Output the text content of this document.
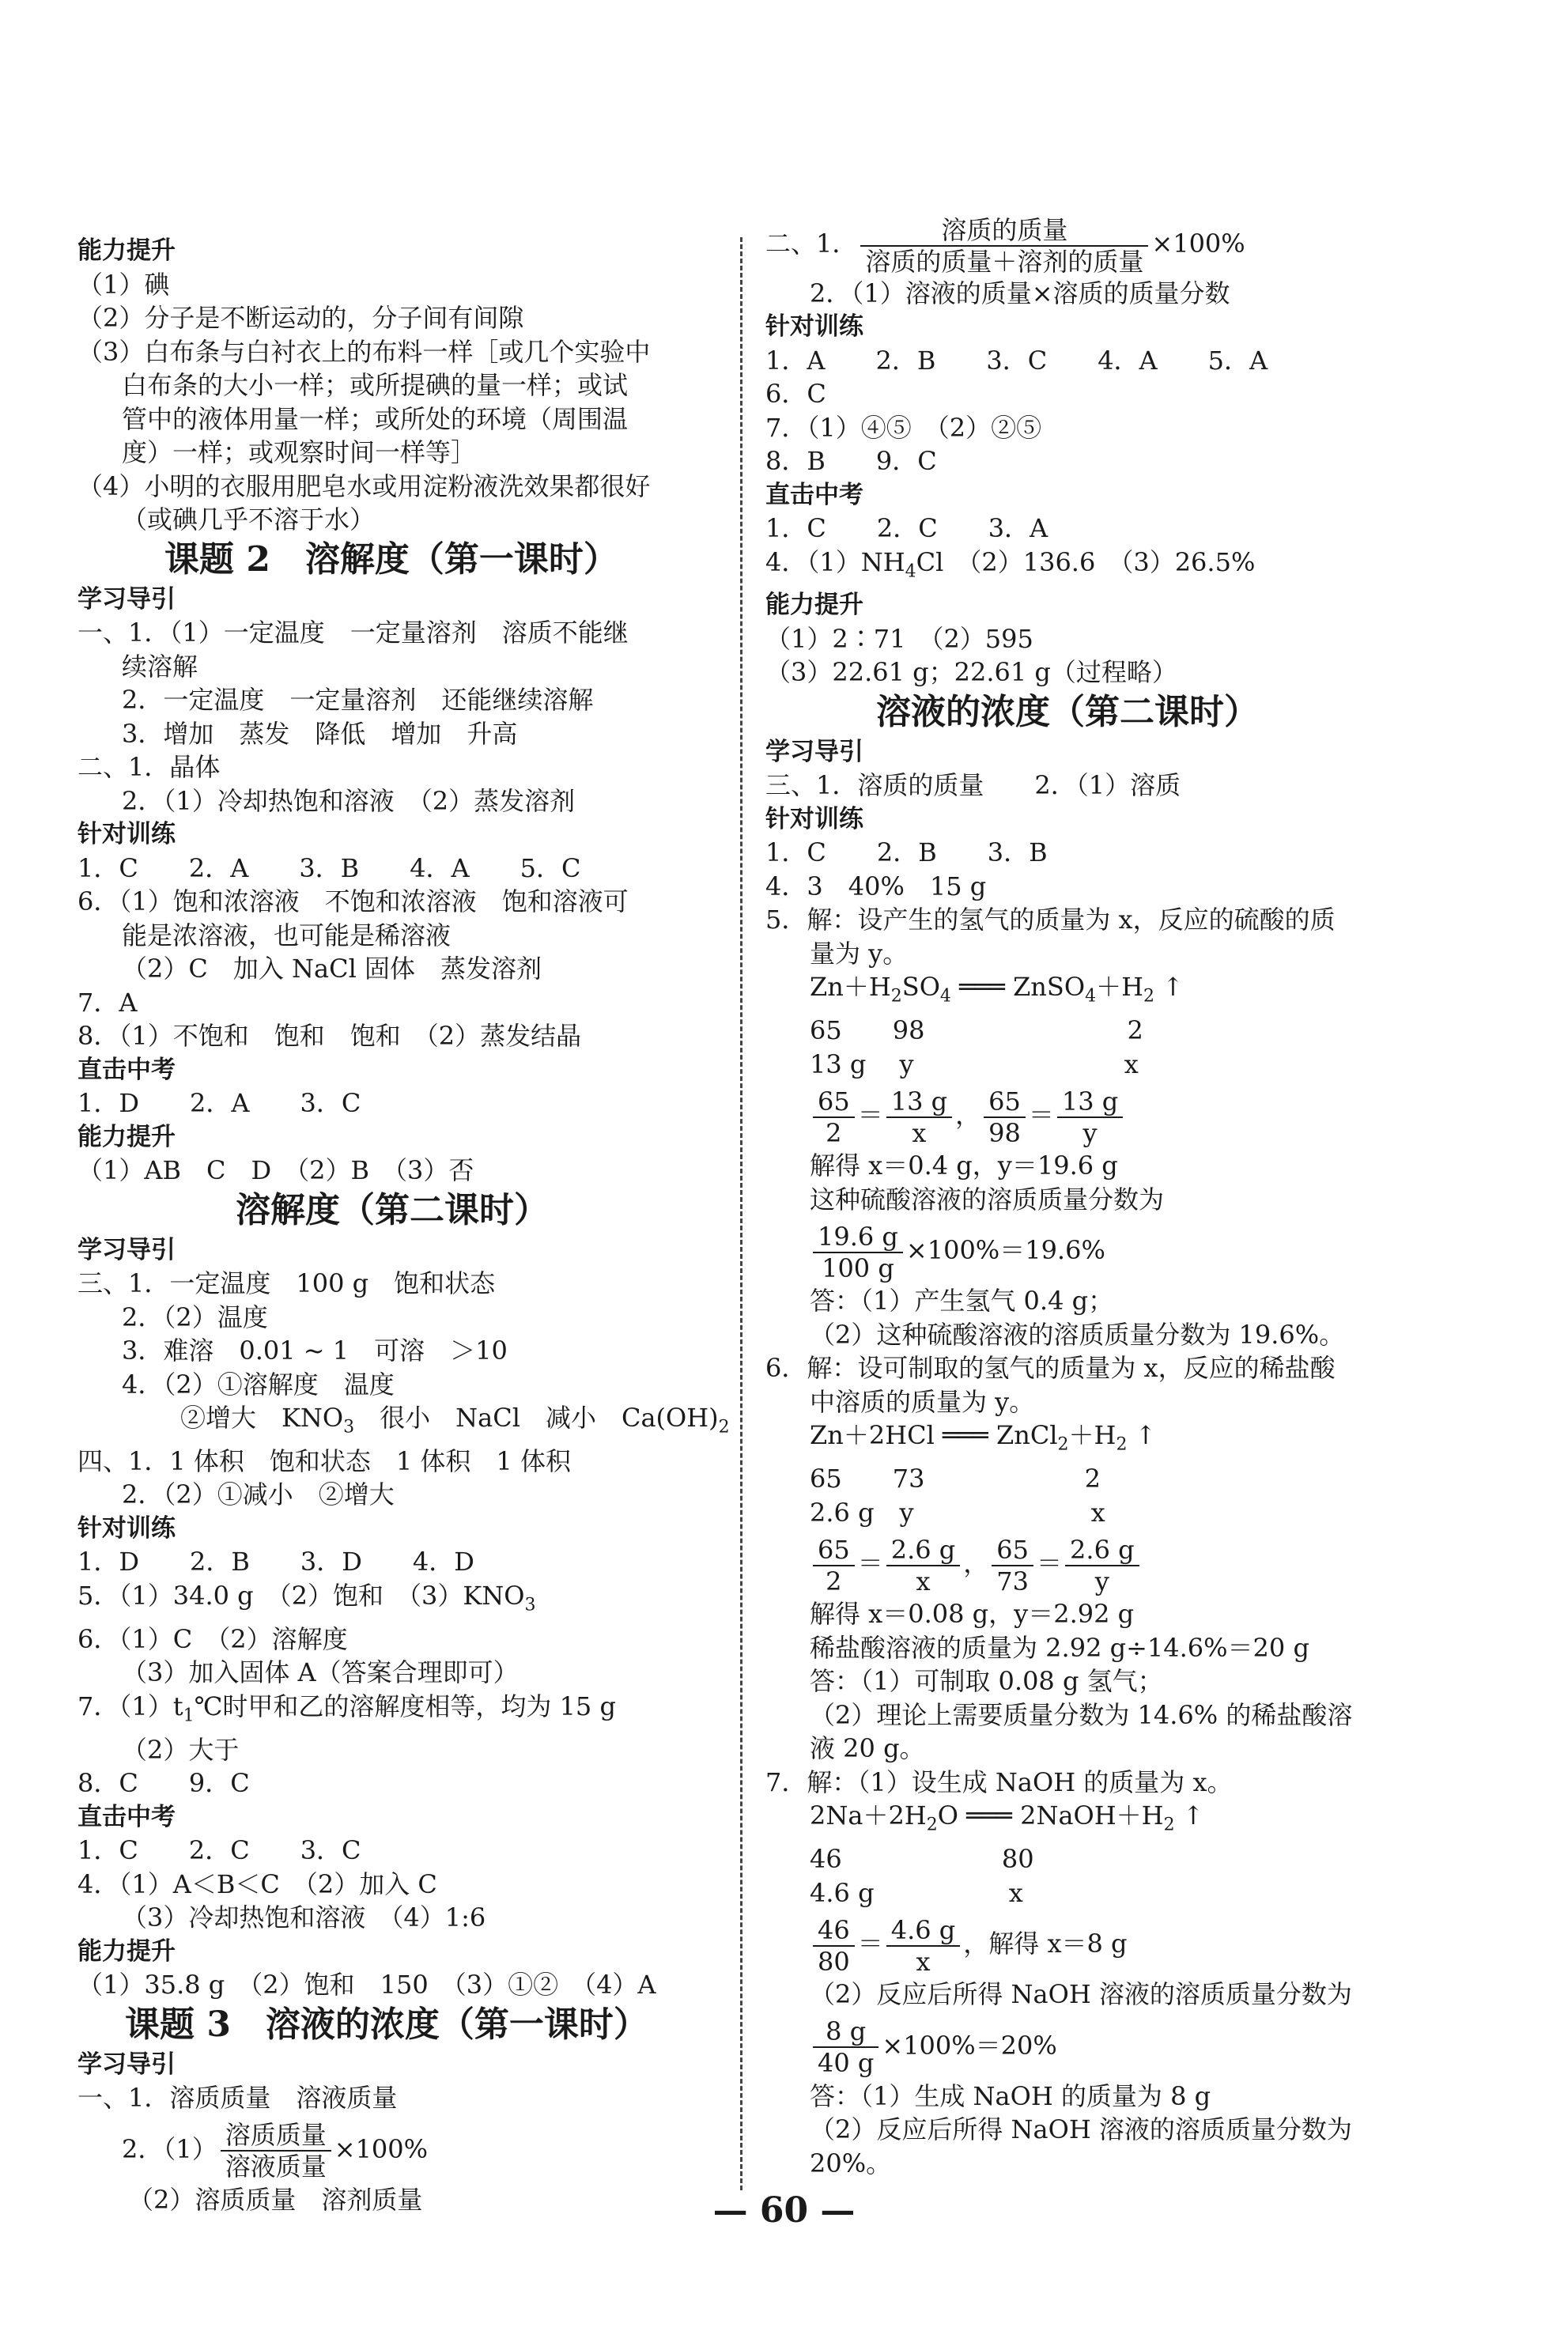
能力提升
（1）碘
（2）分子是不断运动的，分子间有间隙
（3）白布条与白衬衣上的布料一样［或几个实验中
白布条的大小一样；或所提碘的量一样；或试
管中的液体用量一样；或所处的环境（周围温
度）一样；或观察时间一样等］
（4）小明的衣服用肥皂水或用淀粉液洗效果都很好
（或碘几乎不溶于水）
课题 2　溶解度（第一课时）
学习导引
一、1．（1）一定温度　一定量溶剂　溶质不能继
续溶解
2．一定温度　一定量溶剂　还能继续溶解
3．增加　蒸发　降低　增加　升高
二、1．晶体
2．（1）冷却热饱和溶液　（2）蒸发溶剂
针对训练
1．C　　2．A　　3．B　　4．A　　5．C
6．（1）饱和浓溶液　不饱和浓溶液　饱和溶液可
能是浓溶液，也可能是稀溶液
（2）C　加入 NaCl 固体　蒸发溶剂
7．A
8．（1）不饱和　饱和　饱和　（2）蒸发结晶
直击中考
1．D　　2．A　　3．C
能力提升
（1）AB　C　D　（2）B　（3）否
溶解度（第二课时）
学习导引
三、1．一定温度　100 g　饱和状态
2．（2）温度
3．难溶　0.01 ~ 1　可溶　＞10
4．（2）①溶解度　温度
②增大　$KNO_3$　很小　NaCl　减小　$Ca(OH)_2$
四、1．1 体积　饱和状态　1 体积　1 体积
2．（2）①减小　②增大
针对训练
1．D　　2．B　　3．D　　4．D
5．（1）34.0 g　（2）饱和　$(3)KNO_3$
6．（1）C　（2）溶解度
（3）加入固体 A（答案合理即可）
7．$(1)t_1℃$时甲和乙的溶解度相等，均为 15 g
（2）大于
8．C　　9．C
直击中考
1．C　　2．C　　3．C
4．（1）A＜B＜C　（2）加入 C
（3）冷却热饱和溶液　（4）1:6
能力提升
（1）35.8 g　（2）饱和　150　（3）①②　（4）A
课题 3　溶液的浓度（第一课时）
学习导引
一、1．溶质质量　溶液质量
2．$(1) \frac{\text{溶质质量}}{\text{溶液质量}} \times 100\%$
（2）溶质质量　溶剂质量
二、1． $\frac{\text{溶质的质量}}{\text{溶质的质量＋溶剂的质量}} \times 100\%$
2．（1）溶液的质量×溶质的质量分数
针对训练
1．A　　2．B　　3．C　　4．A　　5．A
6．C
7．（1）④⑤　（2）②⑤
8．B　　9．C
直击中考
1．C　　2．C　　3．A
4．$(1)NH_4Cl$　（2）136.6　（3）26.5%
能力提升
（1）2∶71　（2）595
（3）22.61 g；22.61 g（过程略）
溶液的浓度（第二课时）
学习导引
三、1．溶质的质量　　2．（1）溶质
针对训练
1．C　　2．B　　3．B
4．3　40%　15 g
5．解：设产生的氢气的质量为 x，反应的硫酸的质
量为 y。
$Zn+H_2SO_4$ ═══ $ZnSO_4+H_2$ ↑
65　　98　　　　　　　　2
13 g　 y　　　　　　　　 x
$\frac{65}{2} = \frac{13 g}{x}$ ， $\frac{65}{98} = \frac{13 g}{y}$
解得 x＝0.4 g，y＝19.6 g
这种硫酸溶液的溶质质量分数为
$\frac{19.6 g}{100 g} \times 100\%=19.6\%$
答：（1）产生氢气 0.4 g；
（2）这种硫酸溶液的溶质质量分数为 19.6%。
6．解：设可制取的氢气的质量为 x，反应的稀盐酸
中溶质的质量为 y。
Zn＋2HCl ═══ $ZnCl_2+H_2$ ↑
65　　73　　　　　　 2
2.6 g　y　　　　　　　x
$\frac{65}{2} = \frac{2.6 g}{x}$ ， $\frac{65}{73} = \frac{2.6 g}{y}$
解得 x＝0.08 g，y＝2.92 g
稀盐酸溶液的质量为 2.92 g÷14.6%＝20 g
答：（1）可制取 0.08 g 氢气；
（2）理论上需要质量分数为 14.6% 的稀盐酸溶
液 20 g。
7．解：（1）设生成 NaOH 的质量为 x。
$2Na+2H_2O$ ═══ $2NaOH+H_2$ ↑
46　　　　　　 80
4.6 g　　　　　 x
$\frac{46}{80} = \frac{4.6 g}{x}$ ，解得 x＝8 g
（2）反应后所得 NaOH 溶液的溶质质量分数为
$\frac{8 g}{40 g} \times 100\%=20\%$
答：（1）生成 NaOH 的质量为 8 g
（2）反应后所得 NaOH 溶液的溶质质量分数为
20%。
— 60 —
